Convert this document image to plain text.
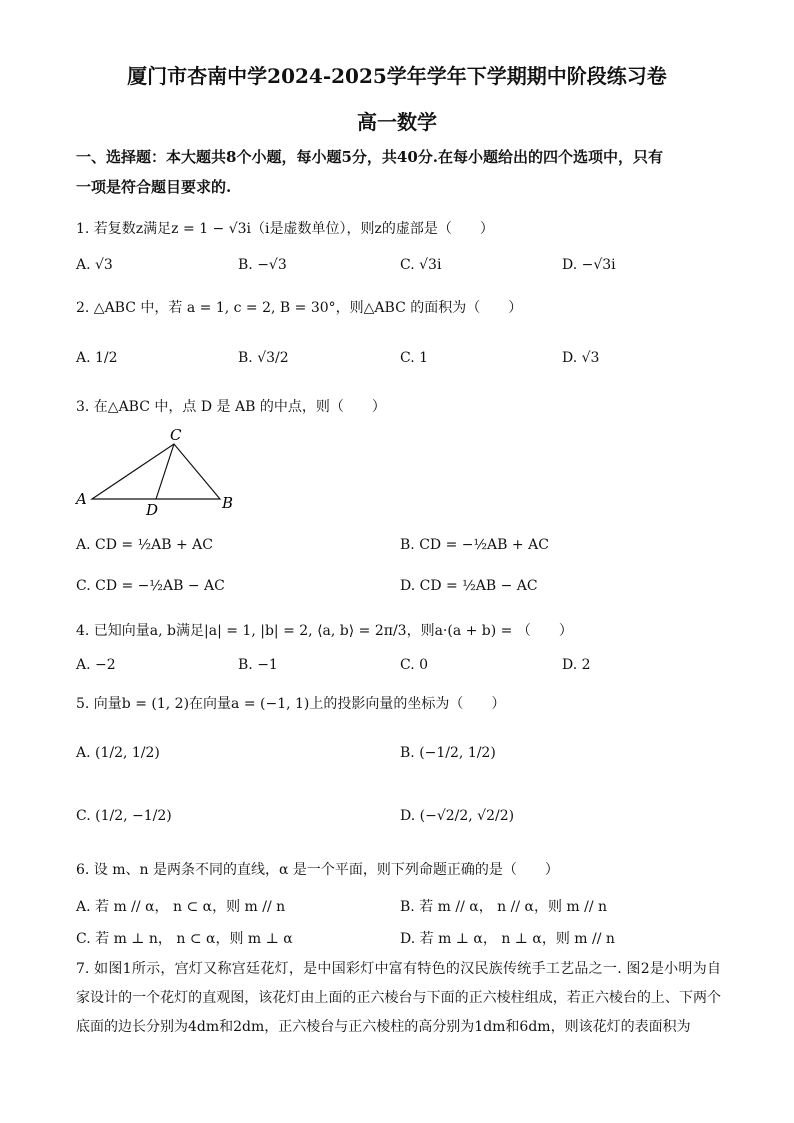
厦门市杏南中学2024-2025学年学年下学期期中阶段练习卷
高一数学
一、选择题：本大题共8个小题，每小题5分，共40分.在每小题给出的四个选项中，只有
一项是符合题目要求的.
1. 若复数z满足z = 1 − √3i（i是虚数单位），则z的虚部是（　　）
A. √3	B. −√3	C. √3i	D. −√3i
2. △ABC 中，若 a = 1, c = 2, B = 30°，则△ABC 的面积为（　　）
A. 1/2	B. √3/2	C. 1	D. √3
3. 在△ABC 中，点 D 是 AB 的中点，则（　　）
A	B
C
D
A. CD = ½AB + AC	B. CD = −½AB + AC
C. CD = −½AB − AC	D. CD = ½AB − AC
4. 已知向量a, b满足|a| = 1, |b| = 2, ⟨a, b⟩ = 2π/3，则a·(a + b) = （　　）
A. −2	B. −1	C. 0	D. 2
5. 向量b = (1, 2)在向量a = (−1, 1)上的投影向量的坐标为（　　）
A. (1/2, 1/2)	B. (−1/2, 1/2)
C. (1/2, −1/2)	D. (−√2/2, √2/2)
6. 设 m、n 是两条不同的直线，α 是一个平面，则下列命题正确的是（　　）
A. 若 m // α， n ⊂ α，则 m // n	B. 若 m // α， n // α，则 m // n
C. 若 m ⊥ n， n ⊂ α，则 m ⊥ α	D. 若 m ⊥ α， n ⊥ α，则 m // n
7. 如图1所示，宫灯又称宫廷花灯，是中国彩灯中富有特色的汉民族传统手工艺品之一. 图2是小明为自家设计的一个花灯的直观图，该花灯由上面的正六棱台与下面的正六棱柱组成，若正六棱台的上、下两个底面的边长分别为4dm和2dm，正六棱台与正六棱柱的高分别为1dm和6dm，则该花灯的表面积为
